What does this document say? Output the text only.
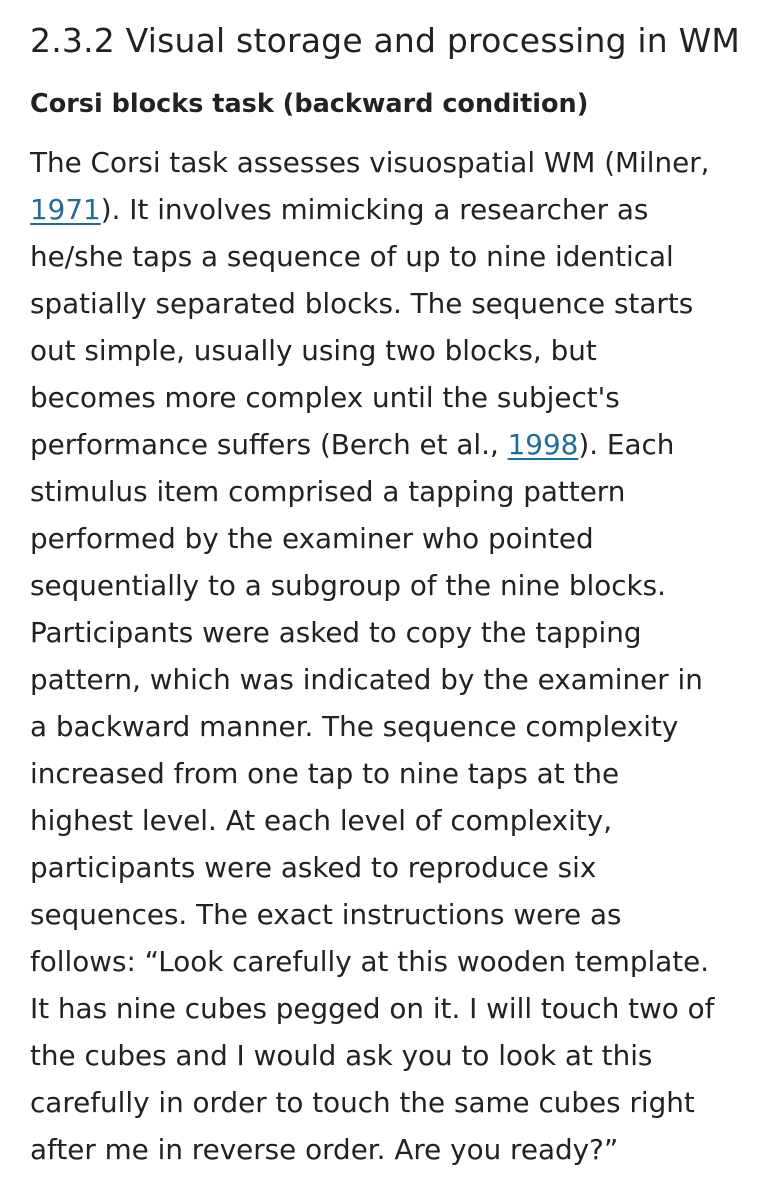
2.3.2 Visual storage and processing in WM
Corsi blocks task (backward condition)

The Corsi task assesses visuospatial WM (Milner,
1971). It involves mimicking a researcher as
he/she taps a sequence of up to nine identical
spatially separated blocks. The sequence starts
out simple, usually using two blocks, but
becomes more complex until the subject's
performance suffers (Berch et al., 1998). Each
stimulus item comprised a tapping pattern
performed by the examiner who pointed
sequentially to a subgroup of the nine blocks.
Participants were asked to copy the tapping
pattern, which was indicated by the examiner in
a backward manner. The sequence complexity
increased from one tap to nine taps at the
highest level. At each level of complexity,
participants were asked to reproduce six
sequences. The exact instructions were as
follows: “Look carefully at this wooden template.
It has nine cubes pegged on it. I will touch two of
the cubes and I would ask you to look at this
carefully in order to touch the same cubes right
after me in reverse order. Are you ready?”
